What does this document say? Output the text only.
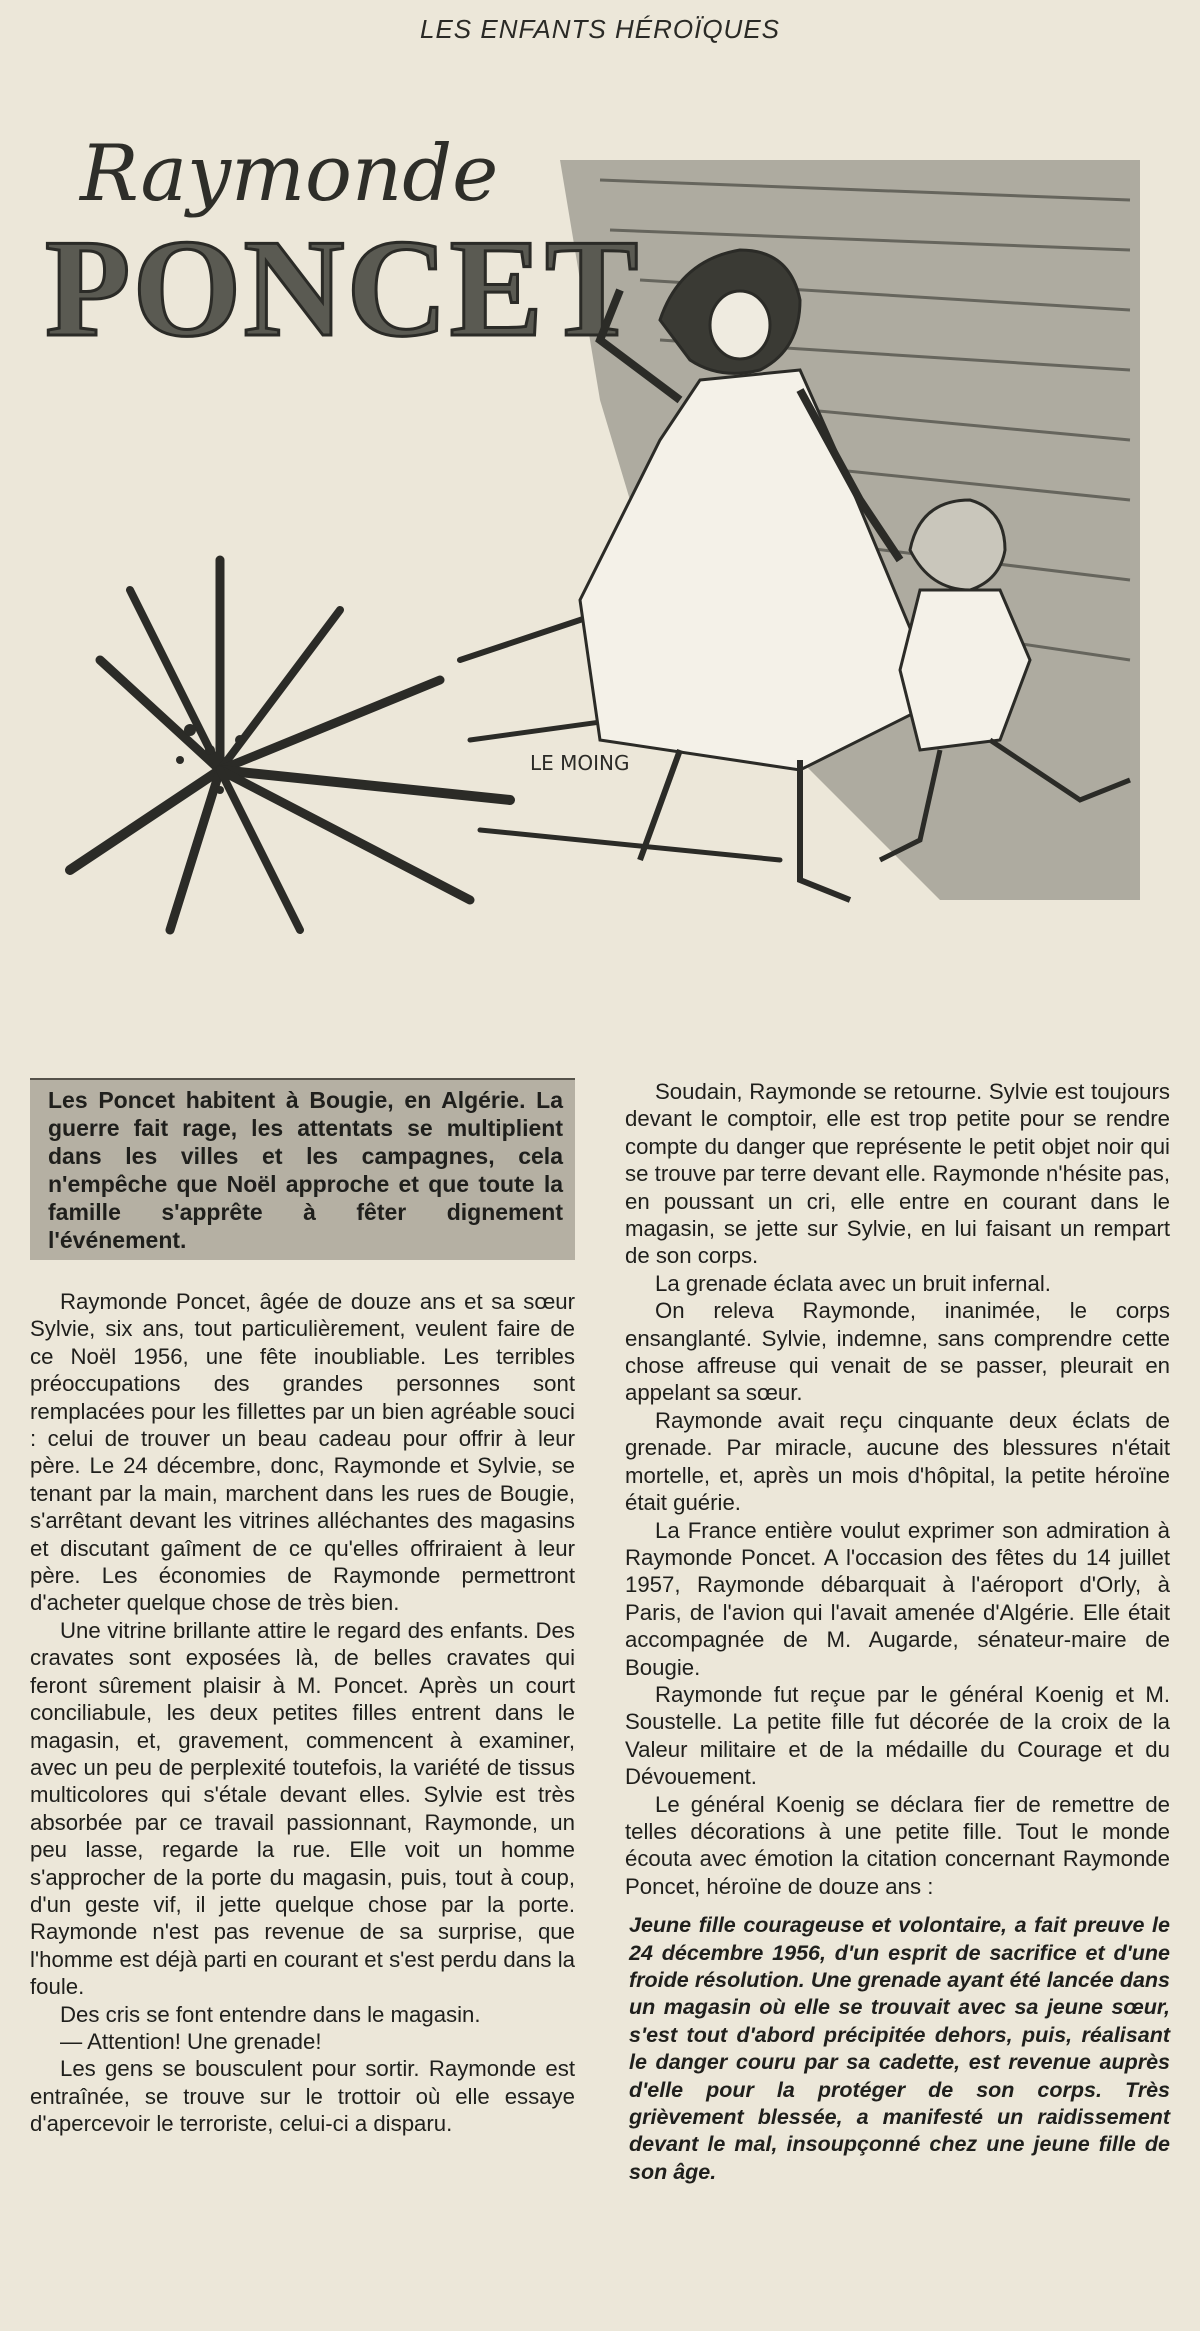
LES ENFANTS HÉROÏQUES
Raymonde
PONCET
LE MOING
Les Poncet habitent à Bougie, en Algérie. La guerre fait rage, les attentats se multiplient dans les villes et les campagnes, cela n'empêche que Noël approche et que toute la famille s'apprête à fêter dignement l'événement.

Raymonde Poncet, âgée de douze ans et sa sœur Sylvie, six ans, tout particulièrement, veulent faire de ce Noël 1956, une fête inoubliable. Les terribles préoccupations des grandes personnes sont remplacées pour les fillettes par un bien agréable souci : celui de trouver un beau cadeau pour offrir à leur père. Le 24 décembre, donc, Raymonde et Sylvie, se tenant par la main, marchent dans les rues de Bougie, s'arrêtant devant les vitrines alléchantes des magasins et discutant gaîment de ce qu'elles offriraient à leur père. Les économies de Raymonde permettront d'acheter quelque chose de très bien.

Une vitrine brillante attire le regard des enfants. Des cravates sont exposées là, de belles cravates qui feront sûrement plaisir à M. Poncet. Après un court conciliabule, les deux petites filles entrent dans le magasin, et, gravement, commencent à examiner, avec un peu de perplexité toutefois, la variété de tissus multicolores qui s'étale devant elles. Sylvie est très absorbée par ce travail passionnant, Raymonde, un peu lasse, regarde la rue. Elle voit un homme s'approcher de la porte du magasin, puis, tout à coup, d'un geste vif, il jette quelque chose par la porte. Raymonde n'est pas revenue de sa surprise, que l'homme est déjà parti en courant et s'est perdu dans la foule.

Des cris se font entendre dans le magasin.

— Attention! Une grenade!

Les gens se bousculent pour sortir. Raymonde est entraînée, se trouve sur le trottoir où elle essaye d'apercevoir le terroriste, celui-ci a disparu.

Soudain, Raymonde se retourne. Sylvie est toujours devant le comptoir, elle est trop petite pour se rendre compte du danger que représente le petit objet noir qui se trouve par terre devant elle. Raymonde n'hésite pas, en poussant un cri, elle entre en courant dans le magasin, se jette sur Sylvie, en lui faisant un rempart de son corps.

La grenade éclata avec un bruit infernal.

On releva Raymonde, inanimée, le corps ensanglanté. Sylvie, indemne, sans comprendre cette chose affreuse qui venait de se passer, pleurait en appelant sa sœur.

Raymonde avait reçu cinquante deux éclats de grenade. Par miracle, aucune des blessures n'était mortelle, et, après un mois d'hôpital, la petite héroïne était guérie.

La France entière voulut exprimer son admiration à Raymonde Poncet. A l'occasion des fêtes du 14 juillet 1957, Raymonde débarquait à l'aéroport d'Orly, à Paris, de l'avion qui l'avait amenée d'Algérie. Elle était accompagnée de M. Augarde, sénateur-maire de Bougie.

Raymonde fut reçue par le général Koenig et M. Soustelle. La petite fille fut décorée de la croix de la Valeur militaire et de la médaille du Courage et du Dévouement.

Le général Koenig se déclara fier de remettre de telles décorations à une petite fille. Tout le monde écouta avec émotion la citation concernant Raymonde Poncet, héroïne de douze ans :

Jeune fille courageuse et volontaire, a fait preuve le 24 décembre 1956, d'un esprit de sacrifice et d'une froide résolution. Une grenade ayant été lancée dans un magasin où elle se trouvait avec sa jeune sœur, s'est tout d'abord précipitée dehors, puis, réalisant le danger couru par sa cadette, est revenue auprès d'elle pour la protéger de son corps. Très grièvement blessée, a manifesté un raidissement devant le mal, insoupçonné chez une jeune fille de son âge.
